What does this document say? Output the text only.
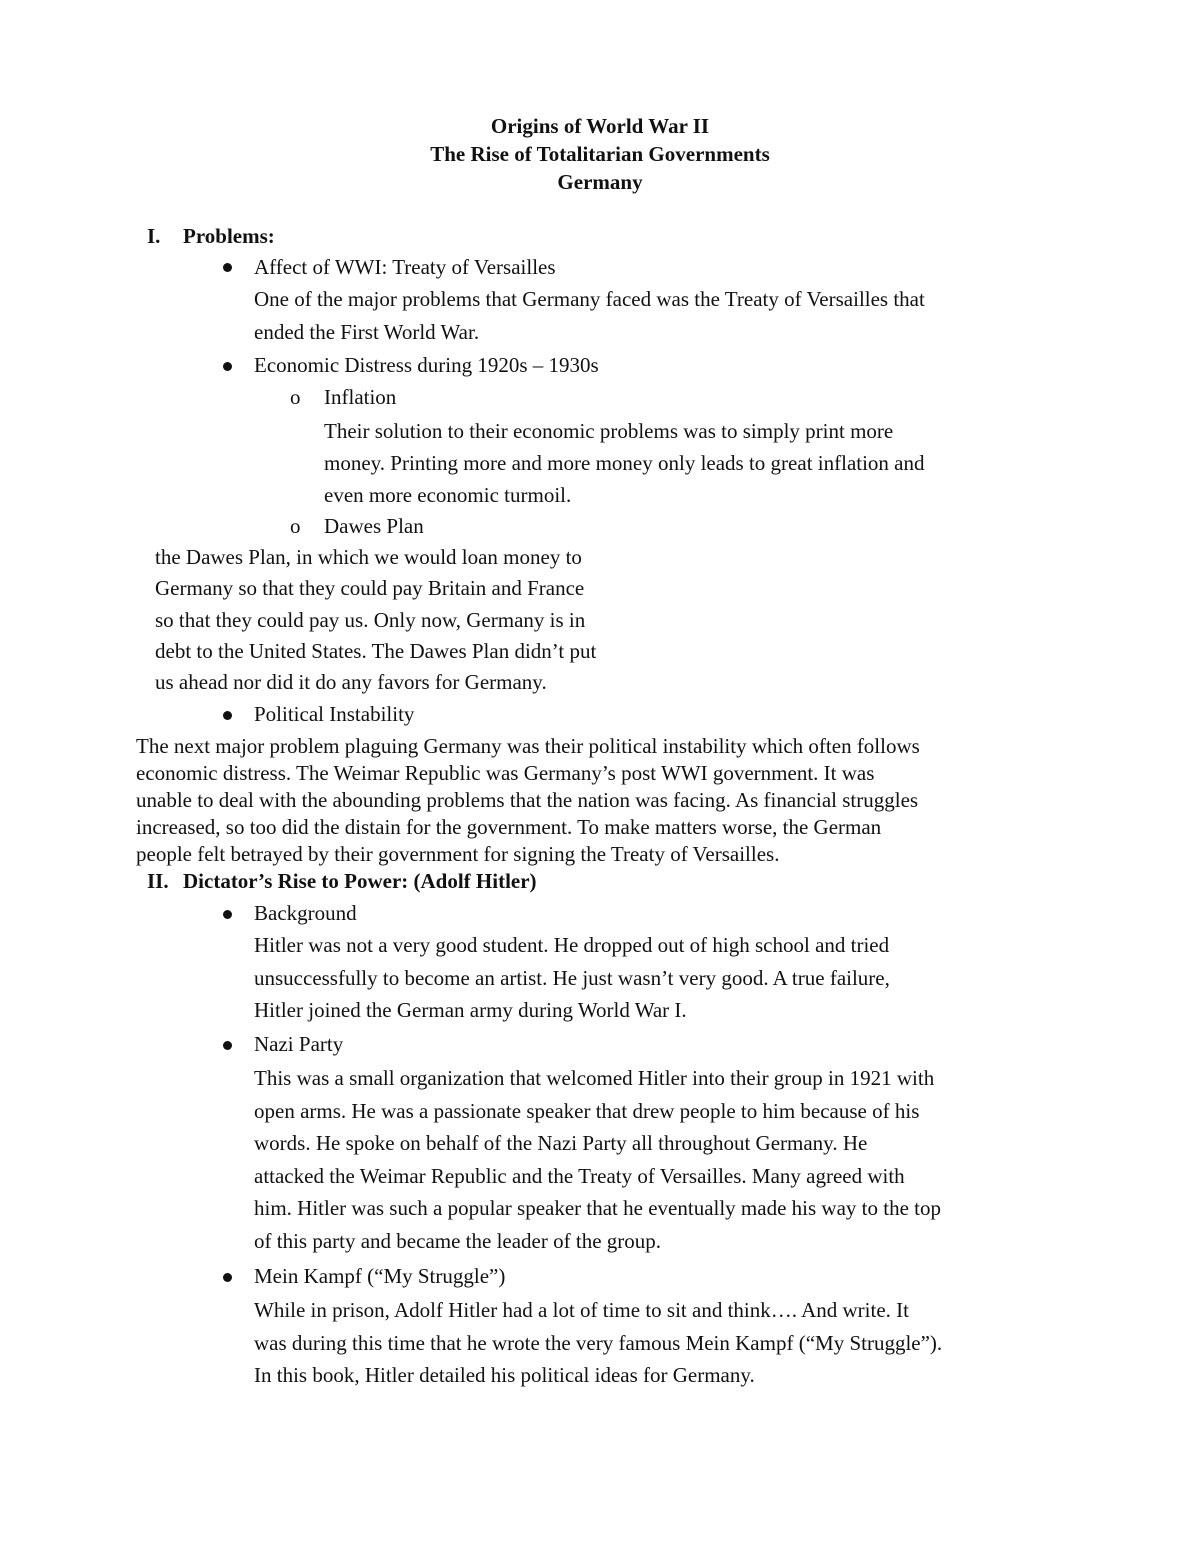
Origins of World War II
The Rise of Totalitarian Governments
Germany
I. Problems:
Affect of WWI: Treaty of Versailles
One of the major problems that Germany faced was the Treaty of Versailles that
ended the First World War.
Economic Distress during 1920s – 1930s
o Inflation
Their solution to their economic problems was to simply print more
money. Printing more and more money only leads to great inflation and
even more economic turmoil.
o Dawes Plan
the Dawes Plan, in which we would loan money to
Germany so that they could pay Britain and France
so that they could pay us. Only now, Germany is in
debt to the United States. The Dawes Plan didn’t put
us ahead nor did it do any favors for Germany.
Political Instability
The next major problem plaguing Germany was their political instability which often follows
economic distress. The Weimar Republic was Germany’s post WWI government. It was
unable to deal with the abounding problems that the nation was facing. As financial struggles
increased, so too did the distain for the government. To make matters worse, the German
people felt betrayed by their government for signing the Treaty of Versailles.
II. Dictator’s Rise to Power: (Adolf Hitler)
Background
Hitler was not a very good student. He dropped out of high school and tried
unsuccessfully to become an artist. He just wasn’t very good. A true failure,
Hitler joined the German army during World War I.
Nazi Party
This was a small organization that welcomed Hitler into their group in 1921 with
open arms. He was a passionate speaker that drew people to him because of his
words. He spoke on behalf of the Nazi Party all throughout Germany. He
attacked the Weimar Republic and the Treaty of Versailles. Many agreed with
him. Hitler was such a popular speaker that he eventually made his way to the top
of this party and became the leader of the group.
Mein Kampf (“My Struggle”)
While in prison, Adolf Hitler had a lot of time to sit and think…. And write. It
was during this time that he wrote the very famous Mein Kampf (“My Struggle”).
In this book, Hitler detailed his political ideas for Germany.
